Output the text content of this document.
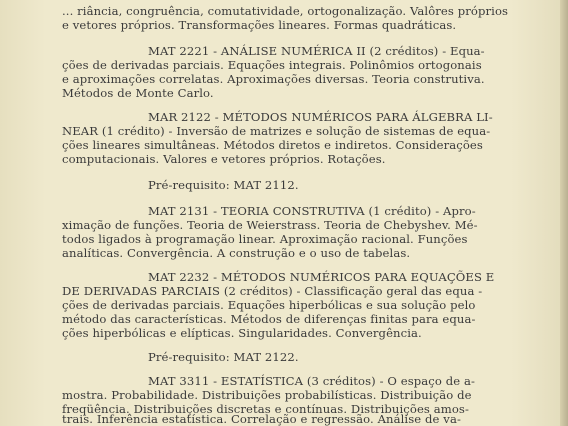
... riância, congruência, comutatividade, ortogonalização. Valôres próprios
e vetores próprios. Transformações lineares. Formas quadráticas.
MAT 2221 - ANÁLISE NUMÉRICA II (2 créditos) - Equa-
ções de derivadas parciais. Equações integrais. Polinômios ortogonais
e aproximações correlatas. Aproximações diversas. Teoria construtiva.
Métodos de Monte Carlo.
MAR 2122 - MÉTODOS NUMÉRICOS PARA ÁLGEBRA LI-
NEAR (1 crédito) - Inversão de matrizes e solução de sistemas de equa-
ções lineares simultâneas. Métodos diretos e indiretos. Considerações
computacionais. Valores e vetores próprios. Rotações.
Pré-requisito: MAT 2112.
MAT 2131 - TEORIA CONSTRUTIVA (1 crédito) - Apro-
ximação de funções. Teoria de Weierstrass. Teoria de Chebyshev. Mé-
todos ligados à programação linear. Aproximação racional. Funções
analíticas. Convergência. A construção e o uso de tabelas.
MAT 2232 - MÉTODOS NUMÉRICOS PARA EQUAÇÕES E
DE DERIVADAS PARCIAIS (2 créditos) - Classificação geral das equa -
ções de derivadas parciais. Equações hiperbólicas e sua solução pelo
método das características. Métodos de diferenças finitas para equa-
ções hiperbólicas e elípticas. Singularidades. Convergência.
Pré-requisito: MAT 2122.
MAT 3311 - ESTATÍSTICA (3 créditos) - O espaço de a-
mostra. Probabilidade. Distribuições probabilísticas. Distribuição de
freqüência. Distribuições discretas e contínuas. Distribuições amos-
trais. Inferência estatística. Correlação e regressão. Análise de va-
